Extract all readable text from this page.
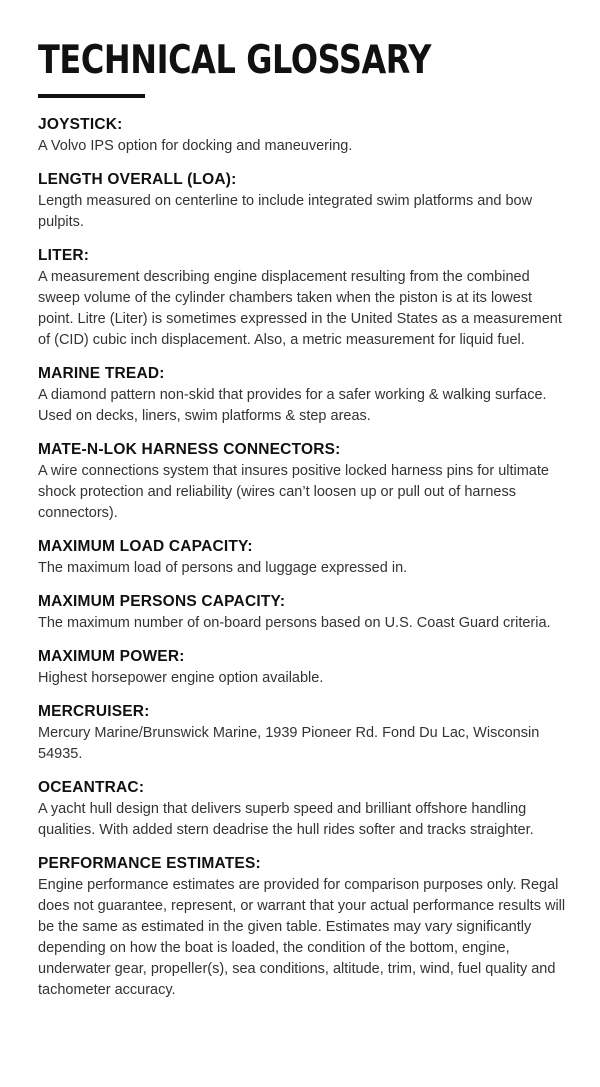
TECHNICAL GLOSSARY
JOYSTICK:
A Volvo IPS option for docking and maneuvering.
LENGTH OVERALL (LOA):
Length measured on centerline to include integrated swim platforms and bow pulpits.
LITER:
A measurement describing engine displacement resulting from the combined sweep volume of the cylinder chambers taken when the piston is at its lowest point. Litre (Liter) is sometimes expressed in the United States as a measurement of (CID) cubic inch displacement. Also, a metric measurement for liquid fuel.
MARINE TREAD:
A diamond pattern non-skid that provides for a safer working & walking surface. Used on decks, liners, swim platforms & step areas.
MATE-N-LOK HARNESS CONNECTORS:
A wire connections system that insures positive locked harness pins for ultimate shock protection and reliability (wires can’t loosen up or pull out of harness connectors).
MAXIMUM LOAD CAPACITY:
The maximum load of persons and luggage expressed in.
MAXIMUM PERSONS CAPACITY:
The maximum number of on-board persons based on U.S. Coast Guard criteria.
MAXIMUM POWER:
Highest horsepower engine option available.
MERCRUISER:
Mercury Marine/Brunswick Marine, 1939 Pioneer Rd. Fond Du Lac, Wisconsin 54935.
OCEANTRAC:
A yacht hull design that delivers superb speed and brilliant offshore handling qualities. With added stern deadrise the hull rides softer and tracks straighter.
PERFORMANCE ESTIMATES:
Engine performance estimates are provided for comparison purposes only. Regal does not guarantee, represent, or warrant that your actual performance results will be the same as estimated in the given table. Estimates may vary significantly depending on how the boat is loaded, the condition of the bottom, engine, underwater gear, propeller(s), sea conditions, altitude, trim, wind, fuel quality and tachometer accuracy.
